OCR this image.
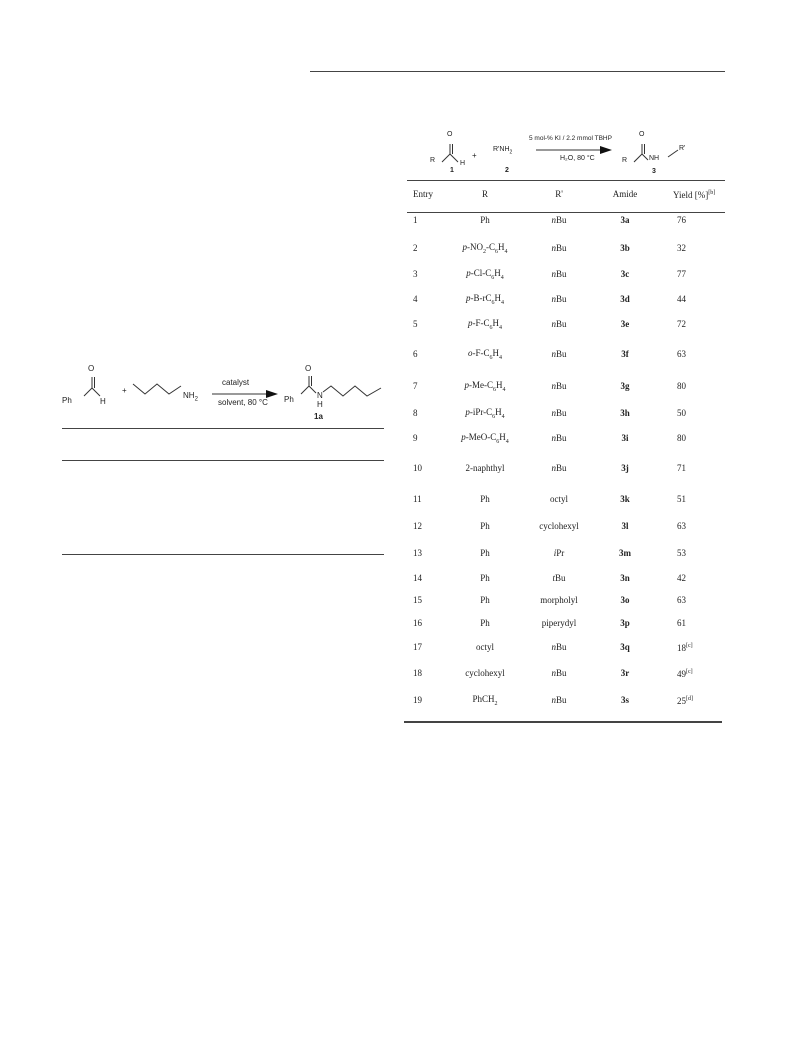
O
Ph	H
+
$NH_2$
catalyst
solvent, 80 °C
O
Ph	N
H
1a
O
R	H
1
+
$R'NH_2$
2
5 mol-% KI / 2.2 mmol TBHP
H₂O, 80 °C
O
R	NH
R'
3
Entry	R	R'	Amide	Yield [%][b]
1	Ph	nBu	3a	76
2	$p-NO_2-C_6H_4$	nBu	3b	32
3	$p-Cl-C_6H_4$	nBu	3c	77
4	$p-B-rC_6H_4$	nBu	3d	44
5	$p-F-C_6H_4$	nBu	3e	72
6	$o-F-C_6H_4$	nBu	3f	63
7	$p-Me-C_6H_4$	nBu	3g	80
8	$p-iPr-C_6H_4$	nBu	3h	50
9	$p-MeO-C_6H_4$	nBu	3i	80
10	2-naphthyl	nBu	3j	71
11	Ph	octyl	3k	51
12	Ph	cyclohexyl	3l	63
13	Ph	iPr	3m	53
14	Ph	tBu	3n	42
15	Ph	morpholyl	3o	63
16	Ph	piperydyl	3p	61
17	octyl	nBu	3q	18[c]
18	cyclohexyl	nBu	3r	49[c]
19	PhCH$_2$	nBu	3s	25[d]
